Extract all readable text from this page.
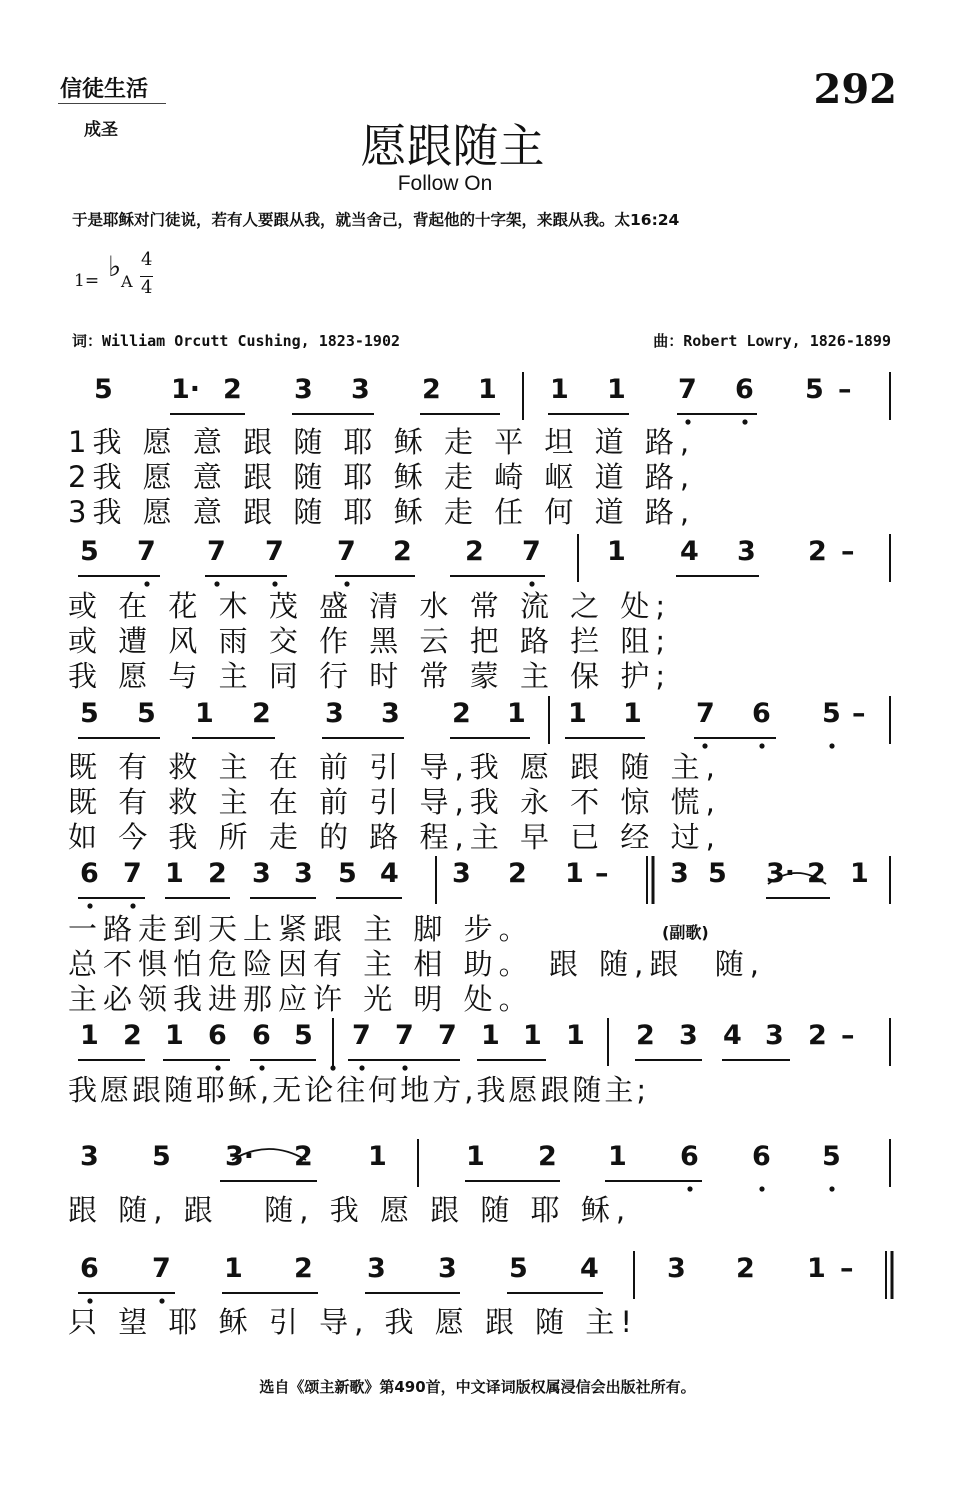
信徒生活
成圣
292
愿跟随主
Follow On
于是耶稣对门徒说，若有人要跟从我，就当舍己，背起他的十字架，来跟从我。太16:24
1= ♭ A
4
4
词：William Orcutt Cushing, 1823-1902	曲：Robert Lowry, 1826-1899
5 1· 2 3 3 2 1 1 1 7 6 5 –
1我 愿 意 跟 随 耶 稣 走 平 坦 道 路,
2我 愿 意 跟 随 耶 稣 走 崎 岖 道 路,
3我 愿 意 跟 随 耶 稣 走 任 何 道 路,
5 7 7 7 7 2 2 7 1 4 3 2 –
或 在 花 木 茂 盛 清 水 常 流 之 处;
或 遭 风 雨 交 作 黑 云 把 路 拦 阻;
我 愿 与 主 同 行 时 常 蒙 主 保 护;
5 5 1 2 3 3 2 1 1 1 7 6 5 –
既 有 救 主 在 前 引 导,我 愿 跟 随 主,
既 有 救 主 在 前 引 导,我 永 不 惊 慌,
如 今 我 所 走 的 路 程,主 早 已 经 过,
6 7 1 2 3 3 5 4 3 2 1 – 3 5 3· 2 1
一路走到天上紧跟 主 脚 步。
总不惧怕危险因有 主 相 助。 跟 随,跟  随,
主必领我进那应许 光 明 处。
(副歌)
1 2 1 6 6 5 7 7 7 1 1 1 2 3 4 3 2 –
我愿跟随耶稣,无论往何地方,我愿跟随主;
3 5 3· 2 1	1 2 1 6 6 5
跟 随, 跟   随, 我 愿 跟 随 耶 稣,
6 7 1 2 3 3 5 4	3 2 1 –
只 望 耶 稣 引 导, 我 愿 跟 随 主!
选自《颂主新歌》第490首，中文译词版权属浸信会出版社所有。
